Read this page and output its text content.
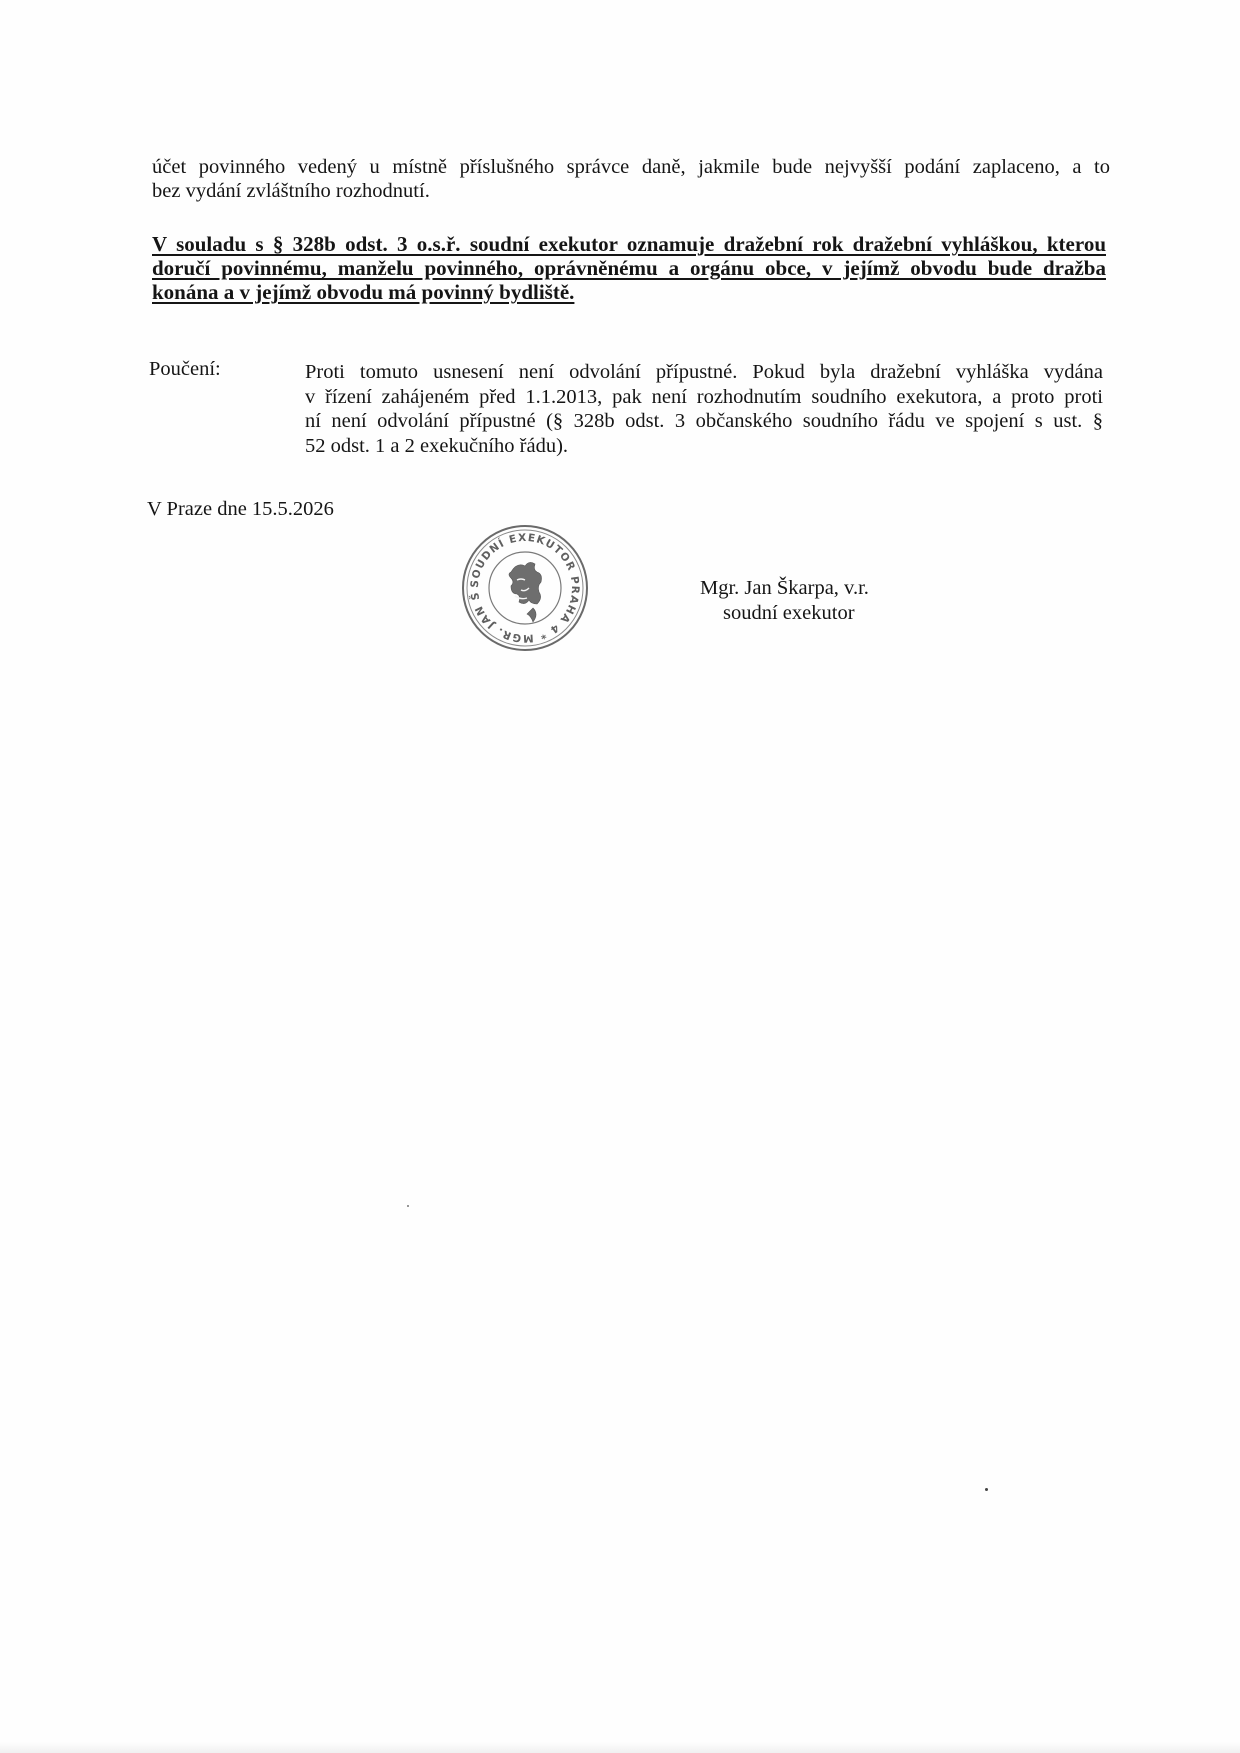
účet povinného vedený u místně příslušného správce daně, jakmile bude nejvyšší podání zaplaceno, a to
bez vydání zvláštního rozhodnutí.
V souladu s § 328b odst. 3 o.s.ř. soudní exekutor oznamuje dražební rok dražební vyhláškou, kterou
doručí povinnému, manželu povinného, oprávněnému a orgánu obce, v jejímž obvodu bude dražba
konána a v jejímž obvodu má povinný bydliště.
Poučení:	Proti tomuto usnesení není odvolání přípustné. Pokud byla dražební vyhláška vydána
v řízení zahájeném před 1.1.2013, pak není rozhodnutím soudního exekutora, a proto proti
ní není odvolání přípustné (§ 328b odst. 3 občanského soudního řádu ve spojení s ust. §
52 odst. 1 a 2 exekučního řádu).
V Praze dne 15.5.2026
SOUDNÍ EXEKUTOR PRAHA 4 * MGR. JAN Š	Mgr. Jan Škarpa, v.r.
soudní exekutor
